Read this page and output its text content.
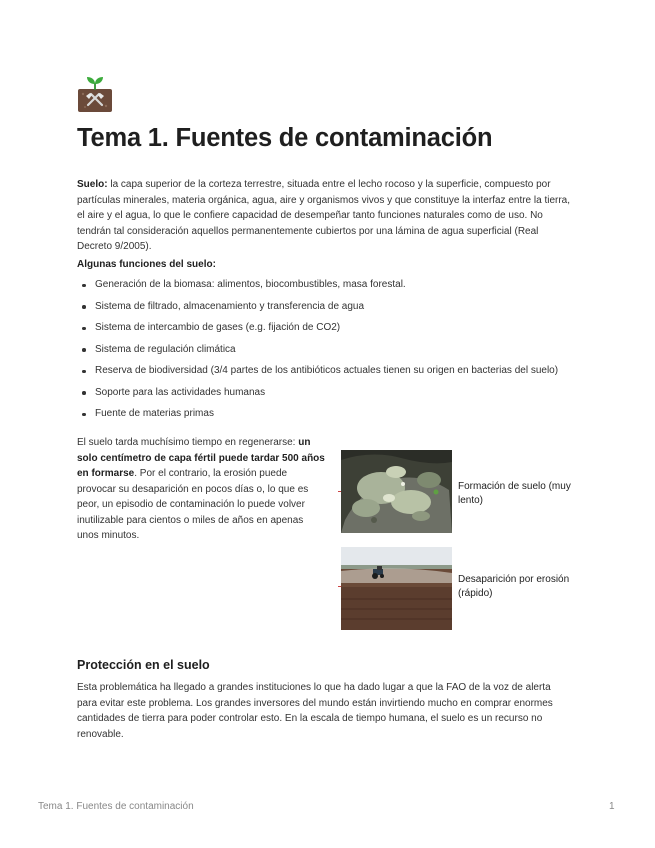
Tema 1. Fuentes de contaminación

Suelo: la capa superior de la corteza terrestre, situada entre el lecho rocoso y la superficie, compuesto por partículas minerales, materia orgánica, agua, aire y organismos vivos y que constituye la interfaz entre la tierra, el aire y el agua, lo que le confiere capacidad de desempeñar tanto funciones naturales como de uso. No tendrán tal consideración aquellos permanentemente cubiertos por una lámina de agua superficial (Real Decreto 9/2005).

Algunas funciones del suelo:

Generación de la biomasa: alimentos, biocombustibles, masa forestal.
Sistema de filtrado, almacenamiento y transferencia de agua
Sistema de intercambio de gases (e.g. fijación de CO2)
Sistema de regulación climática
Reserva de biodiversidad (3/4 partes de los antibióticos actuales tienen su origen en bacterias del suelo)
Soporte para las actividades humanas
Fuente de materias primas

El suelo tarda muchísimo tiempo en regenerarse: un solo centímetro de capa fértil puede tardar 500 años en formarse. Por el contrario, la erosión puede provocar su desaparición en pocos días o, lo que es peor, un episodio de contaminación lo puede volver inutilizable para cientos o miles de años en apenas unos minutos.

Formación de suelo (muy lento)
Desaparición por erosión (rápido)
Protección en el suelo

Esta problemática ha llegado a grandes instituciones lo que ha dado lugar a que la FAO de la voz de alerta para evitar este problema. Los grandes inversores del mundo están invirtiendo mucho en comprar enormes cantidades de tierra para poder controlar esto. En la escala de tiempo humana, el suelo es un recurso no renovable.

Tema 1. Fuentes de contaminación	1
